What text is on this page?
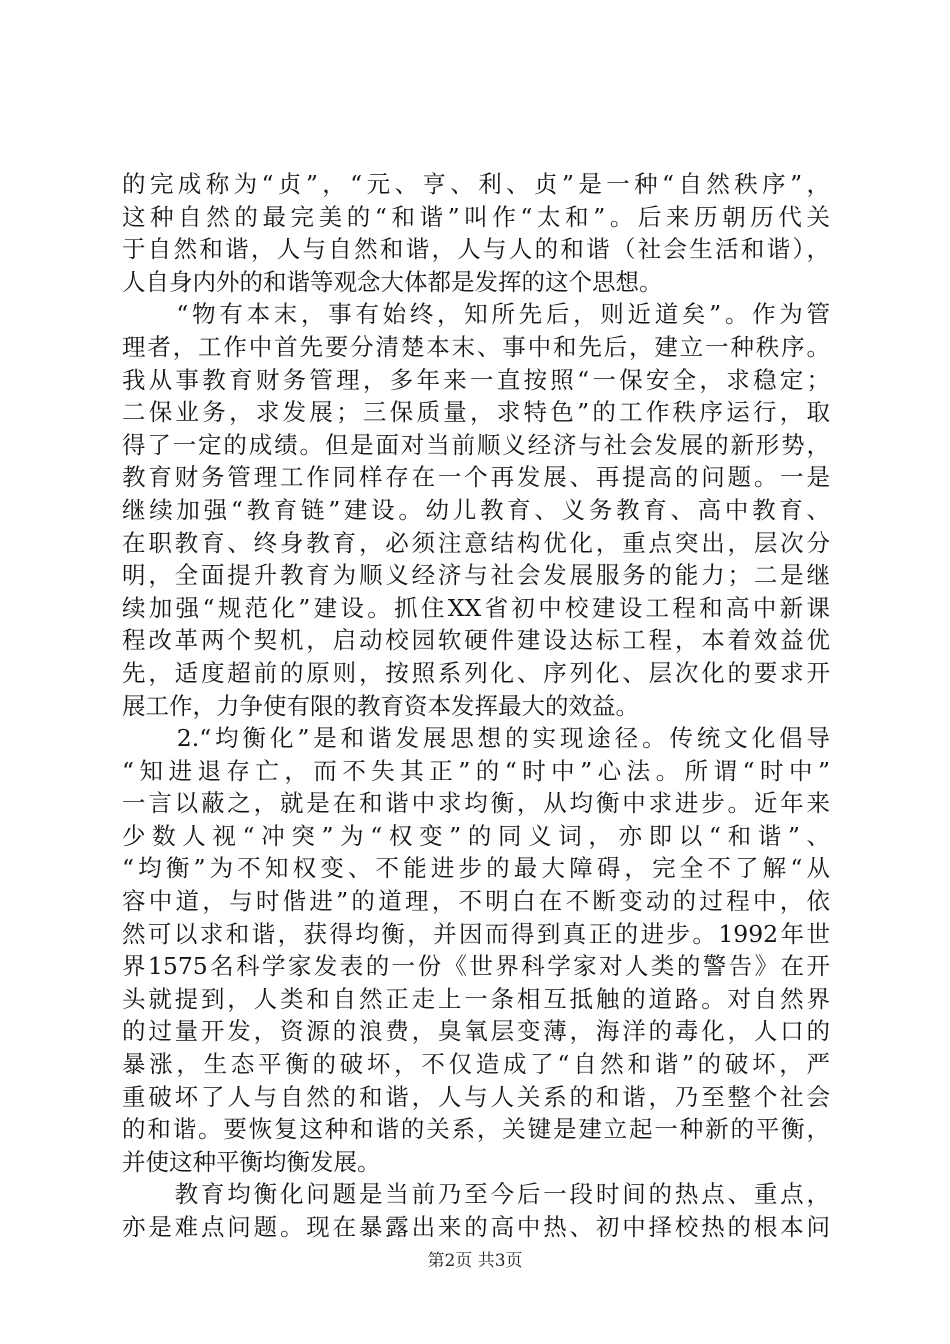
的完成称为“贞”，“元、亨、利、贞”是一种“自然秩序”，
这种自然的最完美的“和谐”叫作“太和”。后来历朝历代关
于自然和谐，人与自然和谐，人与人的和谐（社会生活和谐），
人自身内外的和谐等观念大体都是发挥的这个思想。
　　“物有本末，事有始终，知所先后，则近道矣”。作为管
理者，工作中首先要分清楚本末、事中和先后，建立一种秩序。
我从事教育财务管理，多年来一直按照“一保安全，求稳定；
二保业务，求发展；三保质量，求特色”的工作秩序运行，取
得了一定的成绩。但是面对当前顺义经济与社会发展的新形势，
教育财务管理工作同样存在一个再发展、再提高的问题。一是
继续加强“教育链”建设。幼儿教育、义务教育、高中教育、
在职教育、终身教育，必须注意结构优化，重点突出，层次分
明，全面提升教育为顺义经济与社会发展服务的能力；二是继
续加强“规范化”建设。抓住XX省初中校建设工程和高中新课
程改革两个契机，启动校园软硬件建设达标工程，本着效益优
先，适度超前的原则，按照系列化、序列化、层次化的要求开
展工作，力争使有限的教育资本发挥最大的效益。
　　2.“均衡化”是和谐发展思想的实现途径。传统文化倡导
“知进退存亡，而不失其正”的“时中”心法。所谓“时中”
一言以蔽之，就是在和谐中求均衡，从均衡中求进步。近年来
少数人视“冲突”为“权变”的同义词，亦即以“和谐”、
“均衡”为不知权变、不能进步的最大障碍，完全不了解“从
容中道，与时偕进”的道理，不明白在不断变动的过程中，依
然可以求和谐，获得均衡，并因而得到真正的进步。1992年世
界1575名科学家发表的一份《世界科学家对人类的警告》在开
头就提到，人类和自然正走上一条相互抵触的道路。对自然界
的过量开发，资源的浪费，臭氧层变薄，海洋的毒化，人口的
暴涨，生态平衡的破坏，不仅造成了“自然和谐”的破坏，严
重破坏了人与自然的和谐，人与人关系的和谐，乃至整个社会
的和谐。要恢复这种和谐的关系，关键是建立起一种新的平衡，
并使这种平衡均衡发展。
　　教育均衡化问题是当前乃至今后一段时间的热点、重点，
亦是难点问题。现在暴露出来的高中热、初中择校热的根本问
第2页 共3页
